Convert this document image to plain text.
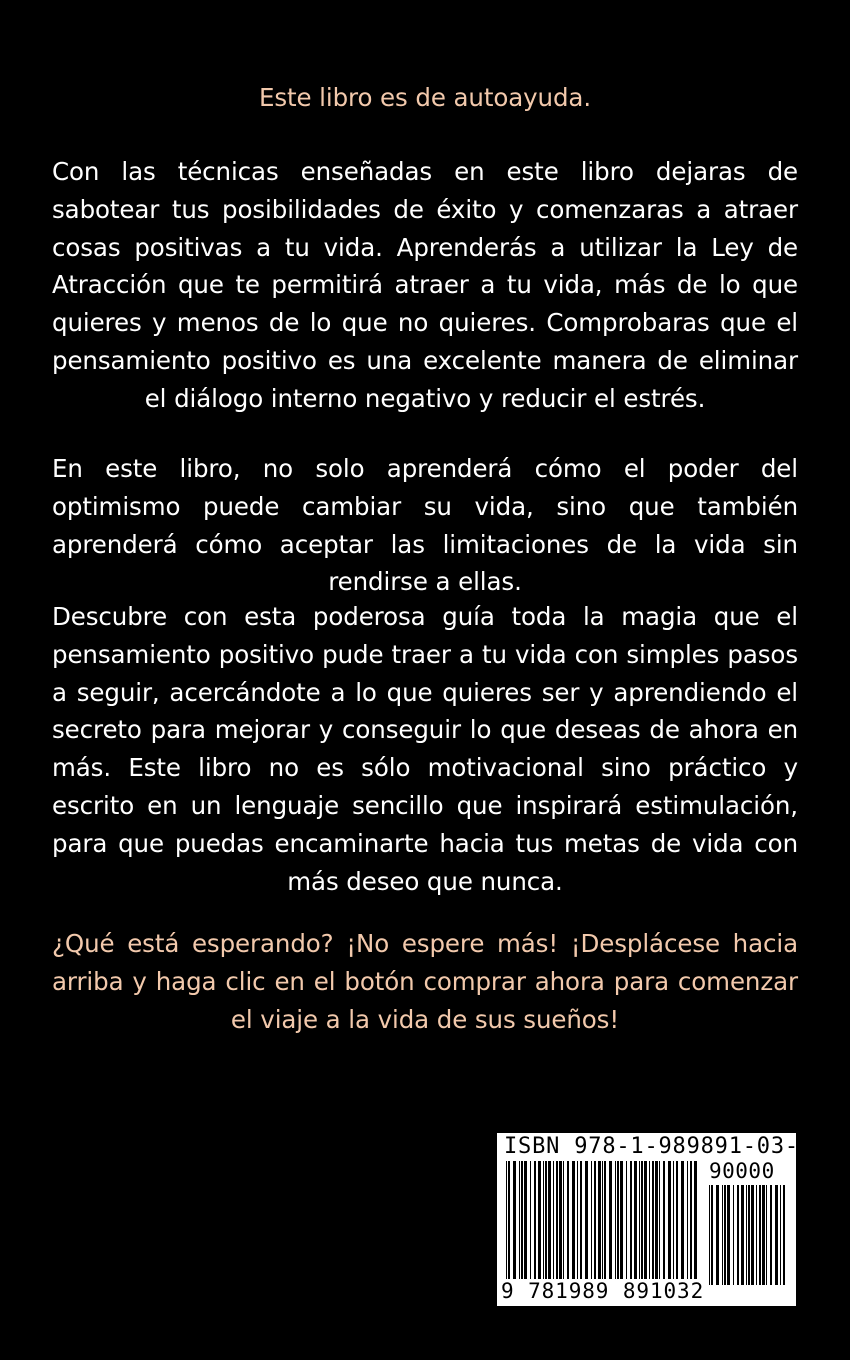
Este libro es de autoayuda.

Con las técnicas enseñadas en este libro dejaras de sabotear tus posibilidades de éxito y comenzaras a atraer cosas positivas a tu vida. Aprenderás a utilizar la Ley de Atracción que te permitirá atraer a tu vida, más de lo que quieres y menos de lo que no quieres. Comprobaras que el pensamiento positivo es una excelente manera de eliminar el diálogo interno negativo y reducir el estrés.

En este libro, no solo aprenderá cómo el poder del optimismo puede cambiar su vida, sino que también aprenderá cómo aceptar las limitaciones de la vida sin rendirse a ellas.

Descubre con esta poderosa guía toda la magia que el pensamiento positivo pude traer a tu vida con simples pasos a seguir, acercándote a lo que quieres ser y aprendiendo el secreto para mejorar y conseguir lo que deseas de ahora en más. Este libro no es sólo motivacional sino práctico y escrito en un lenguaje sencillo que inspirará estimulación, para que puedas encaminarte hacia tus metas de vida con más deseo que nunca.

¿Qué está esperando? ¡No espere más! ¡Desplácese hacia arriba y haga clic en el botón comprar ahora para comenzar el viaje a la vida de sus sueños!

ISBN 978-1-989891-03-2
90000
9 781989 891032
